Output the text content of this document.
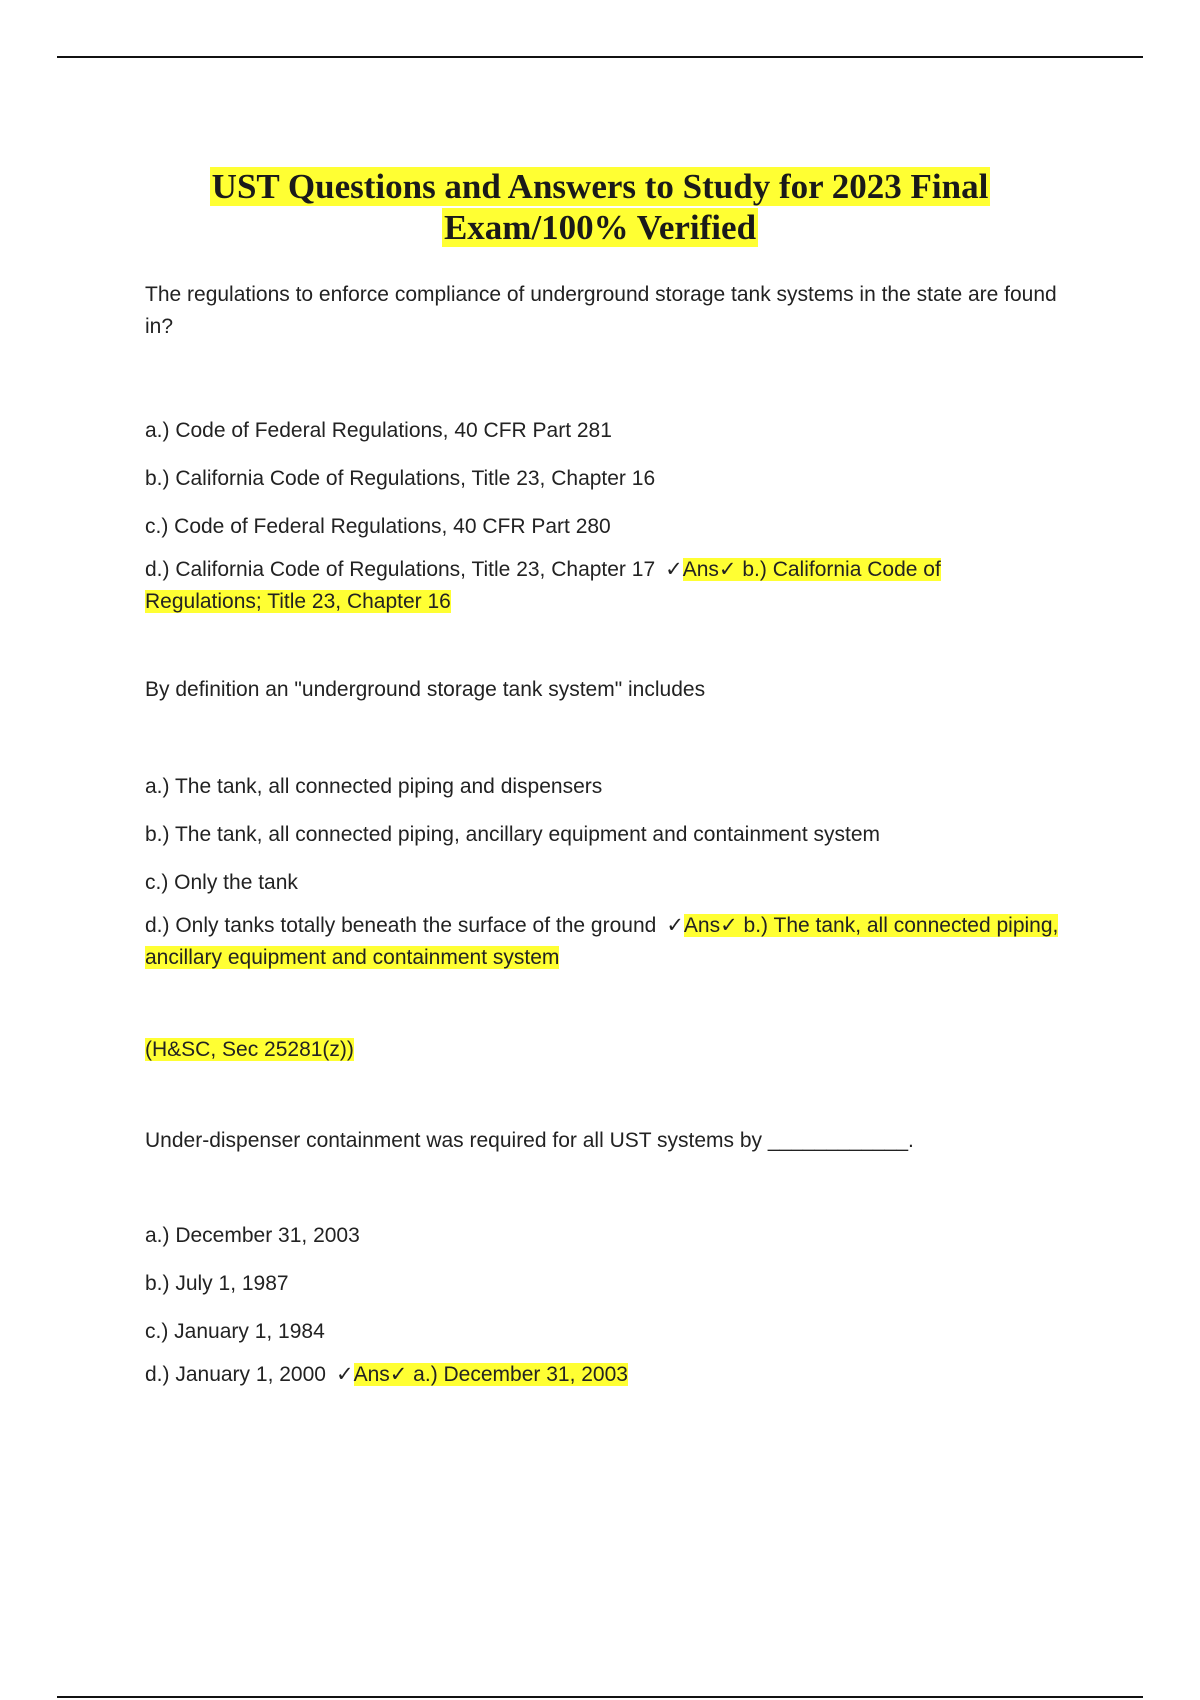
UST Questions and Answers to Study for 2023 Final
Exam/100% Verified

The regulations to enforce compliance of underground storage tank systems in the state are found in?

a.) Code of Federal Regulations, 40 CFR Part 281

b.) California Code of Regulations, Title 23, Chapter 16

c.) Code of Federal Regulations, 40 CFR Part 280

d.) California Code of Regulations, Title 23, Chapter 17 ✓Ans✓ b.) California Code of Regulations; Title 23, Chapter 16

By definition an "underground storage tank system" includes

a.) The tank, all connected piping and dispensers

b.) The tank, all connected piping, ancillary equipment and containment system

c.) Only the tank

d.) Only tanks totally beneath the surface of the ground ✓Ans✓ b.) The tank, all connected piping, ancillary equipment and containment system

(H&SC, Sec 25281(z))

Under-dispenser containment was required for all UST systems by ____________.

a.) December 31, 2003

b.) July 1, 1987

c.) January 1, 1984

d.) January 1, 2000 ✓Ans✓ a.) December 31, 2003
